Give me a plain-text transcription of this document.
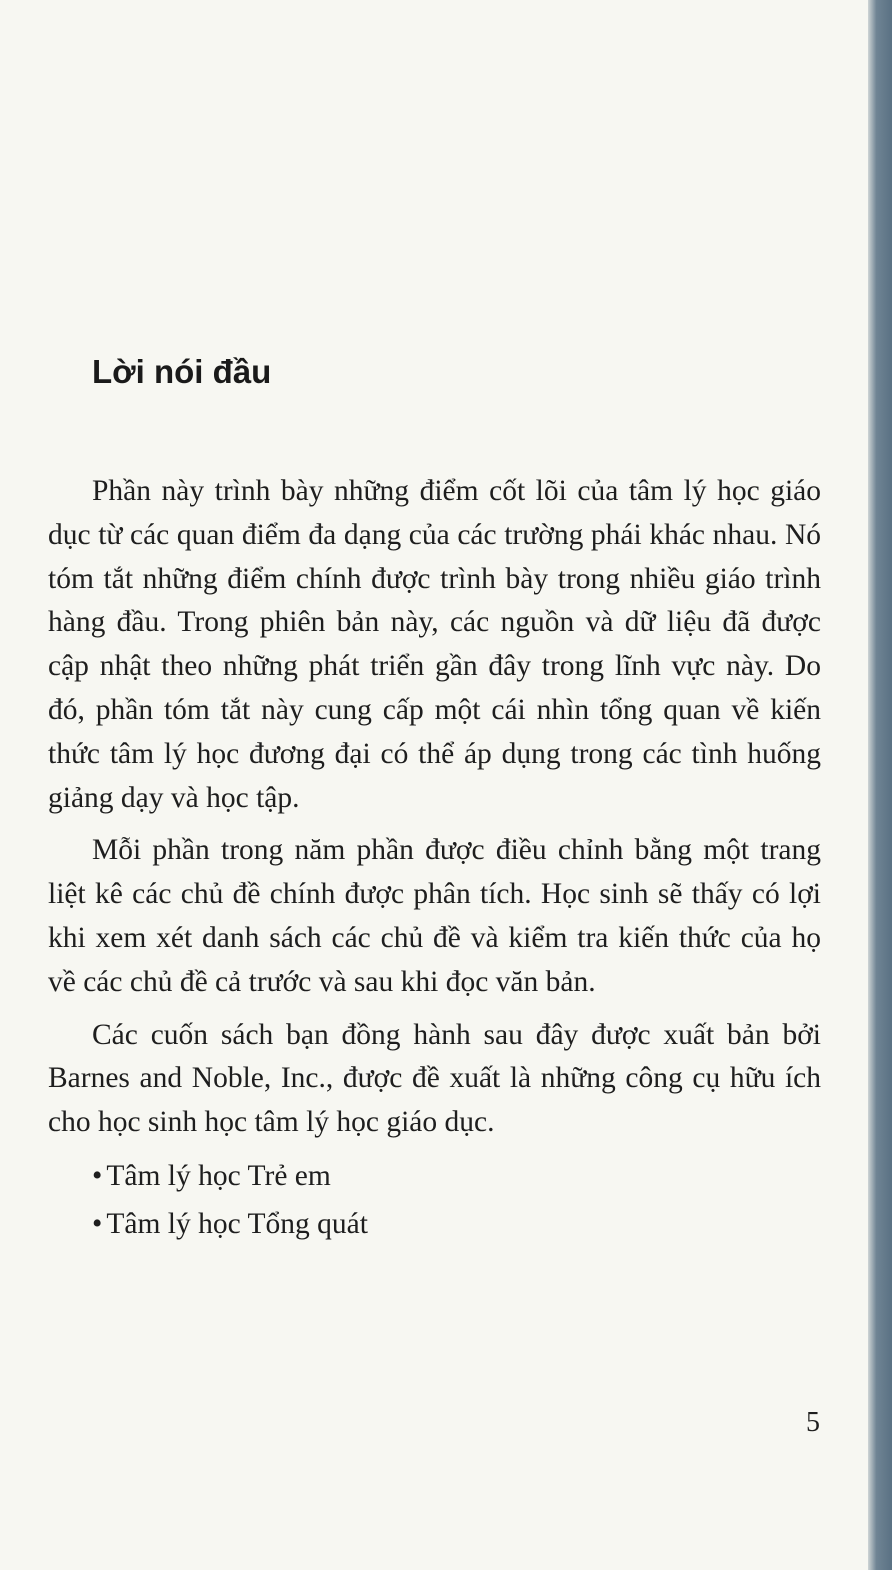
Lời nói đầu

Phần này trình bày những điểm cốt lõi của tâm lý học giáo dục từ các quan điểm đa dạng của các trường phái khác nhau. Nó tóm tắt những điểm chính được trình bày trong nhiều giáo trình hàng đầu. Trong phiên bản này, các nguồn và dữ liệu đã được cập nhật theo những phát triển gần đây trong lĩnh vực này. Do đó, phần tóm tắt này cung cấp một cái nhìn tổng quan về kiến thức tâm lý học đương đại có thể áp dụng trong các tình huống giảng dạy và học tập.

Mỗi phần trong năm phần được điều chỉnh bằng một trang liệt kê các chủ đề chính được phân tích. Học sinh sẽ thấy có lợi khi xem xét danh sách các chủ đề và kiểm tra kiến thức của họ về các chủ đề cả trước và sau khi đọc văn bản.

Các cuốn sách bạn đồng hành sau đây được xuất bản bởi Barnes and Noble, Inc., được đề xuất là những công cụ hữu ích cho học sinh học tâm lý học giáo dục.

• Tâm lý học Trẻ em
• Tâm lý học Tổng quát
5
